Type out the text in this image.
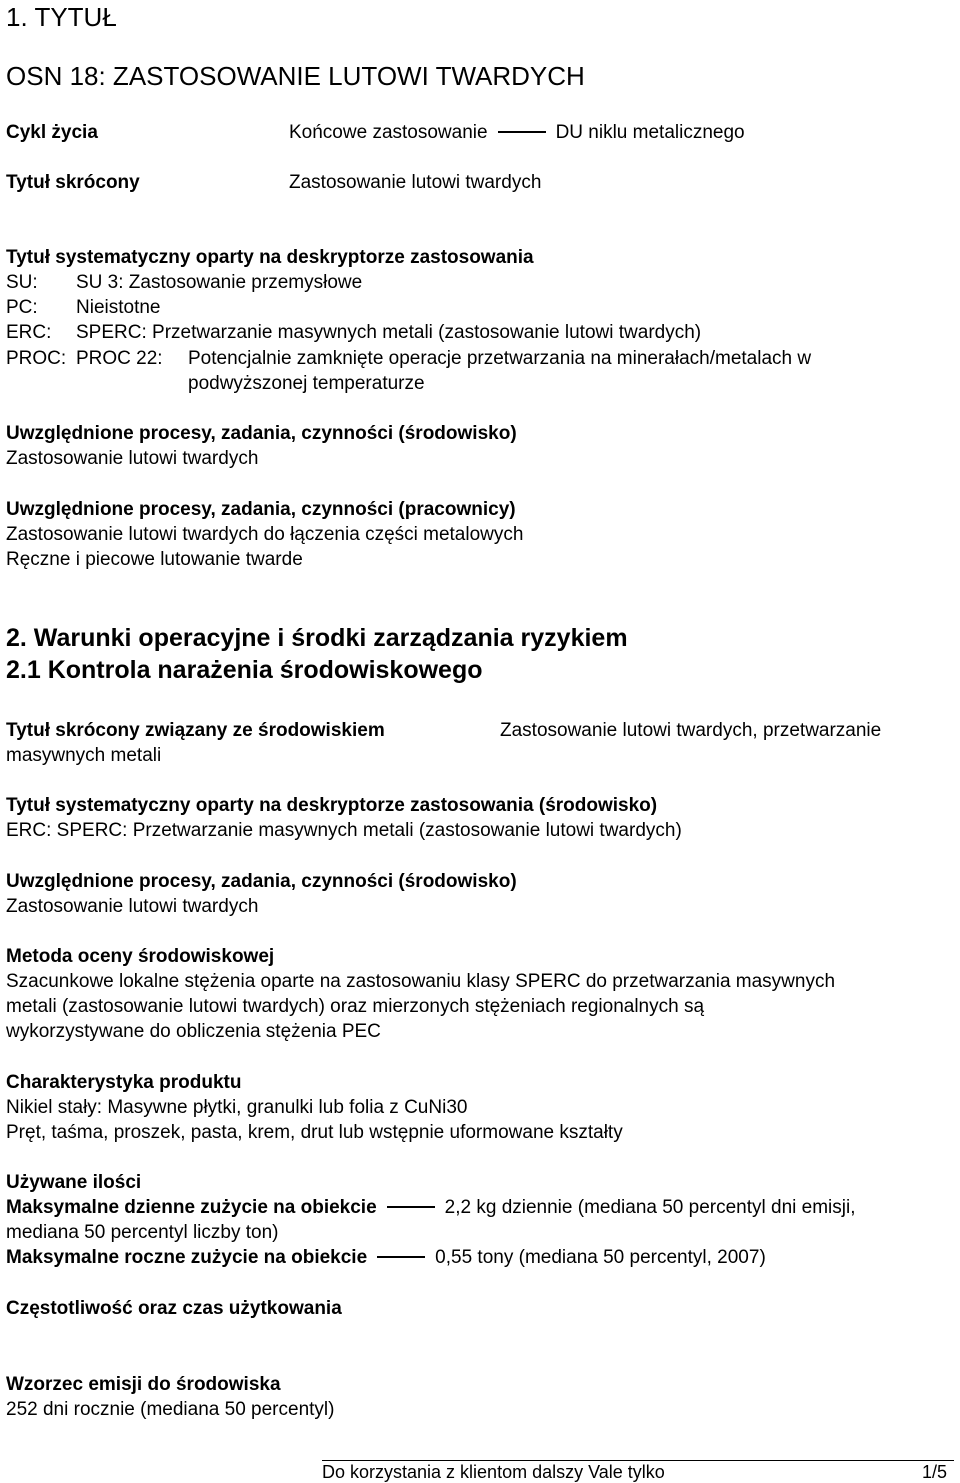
1. TYTUŁ
OSN 18: ZASTOSOWANIE LUTOWI TWARDYCH
Cykl życia	Końcowe zastosowanie	DU niklu metalicznego
Tytuł skrócony	Zastosowanie lutowi twardych
Tytuł systematyczny oparty na deskryptorze zastosowania
SU: SU 3: Zastosowanie przemysłowe
PC: Nieistotne
ERC: SPERC: Przetwarzanie masywnych metali (zastosowanie lutowi twardych)
PROC: PROC 22: Potencjalnie zamknięte operacje przetwarzania na minerałach/metalach w
podwyższonej temperaturze
Uwzględnione procesy, zadania, czynności (środowisko)
Zastosowanie lutowi twardych
Uwzględnione procesy, zadania, czynności (pracownicy)
Zastosowanie lutowi twardych do łączenia części metalowych
Ręczne i piecowe lutowanie twarde
2. Warunki operacyjne i środki zarządzania ryzykiem
2.1 Kontrola narażenia środowiskowego
Tytuł skrócony związany ze środowiskiem	Zastosowanie lutowi twardych, przetwarzanie
masywnych metali
Tytuł systematyczny oparty na deskryptorze zastosowania (środowisko)
ERC: SPERC: Przetwarzanie masywnych metali (zastosowanie lutowi twardych)
Uwzględnione procesy, zadania, czynności (środowisko)
Zastosowanie lutowi twardych
Metoda oceny środowiskowej
Szacunkowe lokalne stężenia oparte na zastosowaniu klasy SPERC do przetwarzania masywnych
metali (zastosowanie lutowi twardych) oraz mierzonych stężeniach regionalnych są
wykorzystywane do obliczenia stężenia PEC
Charakterystyka produktu
Nikiel stały: Masywne płytki, granulki lub folia z CuNi30
Pręt, taśma, proszek, pasta, krem, drut lub wstępnie uformowane kształty
Używane ilości
Maksymalne dzienne zużycie na obiekcie	2,2 kg dziennie (mediana 50 percentyl dni emisji,
mediana 50 percentyl liczby ton)
Maksymalne roczne zużycie na obiekcie	0,55 tony (mediana 50 percentyl, 2007)
Częstotliwość oraz czas użytkowania
Wzorzec emisji do środowiska
252 dni rocznie (mediana 50 percentyl)
Do korzystania z klientom dalszy Vale tylko	1/5
